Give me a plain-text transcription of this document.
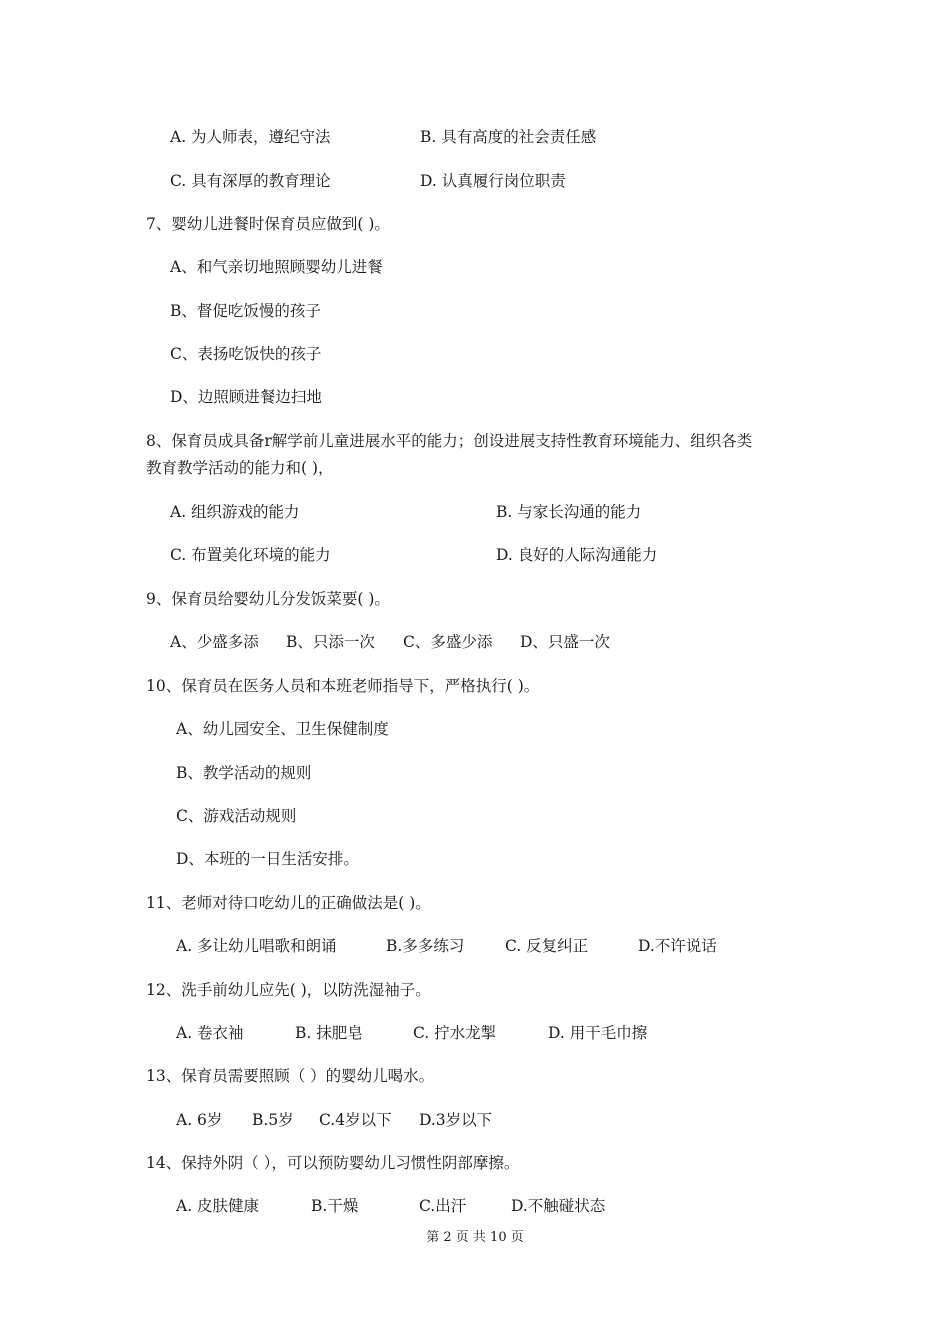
A. 为人师表，遵纪守法	B. 具有高度的社会责任感
C. 具有深厚的教育理论	D. 认真履行岗位职责
7、婴幼儿进餐时保育员应做到( )。
A、和气亲切地照顾婴幼儿进餐
B、督促吃饭慢的孩子
C、表扬吃饭快的孩子
D、边照顾进餐边扫地
8、保育员成具备r解学前儿童进展水平的能力；创设进展支持性教育环境能力、组织各类
教育教学活动的能力和( )，
A. 组织游戏的能力	B. 与家长沟通的能力
C. 布置美化环境的能力	D. 良好的人际沟通能力
9、保育员给婴幼儿分发饭菜要( )。
A、少盛多添 B、只添一次 C、多盛少添 D、只盛一次
10、保育员在医务人员和本班老师指导下，严格执行( )。
A、幼儿园安全、卫生保健制度
B、教学活动的规则
C、游戏活动规则
D、本班的一日生活安排。
11、老师对待口吃幼儿的正确做法是( )。
A. 多让幼儿唱歌和朗诵	B.多多练习	C. 反复纠正	D.不许说话
12、洗手前幼儿应先( )，以防洗湿袖子。
A. 卷衣袖	B. 抹肥皂	C. 拧水龙掣	D. 用干毛巾擦
13、保育员需要照顾（ ）的婴幼儿喝水。
A. 6岁 B.5岁 C.4岁以下 D.3岁以下
14、保持外阴（ ），可以预防婴幼儿习惯性阴部摩擦。
A. 皮肤健康	B.干燥	C.出汗	D.不触碰状态
第 2 页 共 10 页
